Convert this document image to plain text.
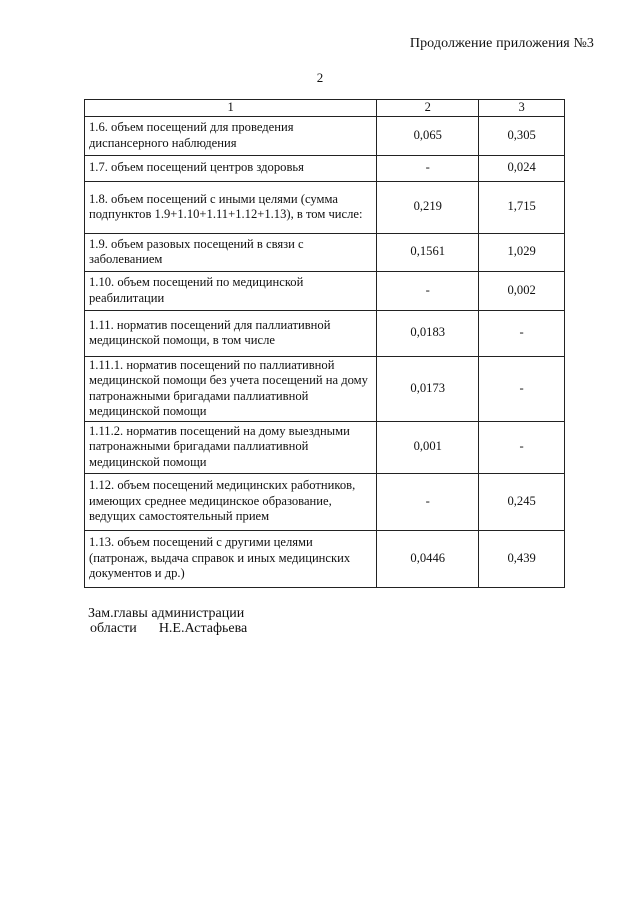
Продолжение приложения №3
2
1	2	3
1.6. объем посещений для проведения диспансерного наблюдения	0,065	0,305
1.7. объем посещений центров здоровья	-	0,024
1.8. объем посещений с иными целями (сумма подпунктов 1.9+1.10+1.11+1.12+1.13), в том числе:	0,219	1,715
1.9. объем разовых посещений в связи с заболеванием	0,1561	1,029
1.10. объем посещений по медицинской реабилитации	-	0,002
1.11. норматив посещений для паллиативной медицинской помощи, в том числе	0,0183	-
1.11.1. норматив посещений по паллиативной медицинской помощи без учета посещений на дому патронажными бригадами паллиативной медицинской помощи	0,0173	-
1.11.2. норматив посещений на дому выездными патронажными бригадами паллиативной медицинской помощи	0,001	-
1.12. объем посещений медицинских работников, имеющих среднее медицинское образование, ведущих самостоятельный прием	-	0,245
1.13. объем посещений с другими целями (патронаж, выдача справок и иных медицинских документов и др.)	0,0446	0,439
Зам.главы администрации
области Н.Е.Астафьева
